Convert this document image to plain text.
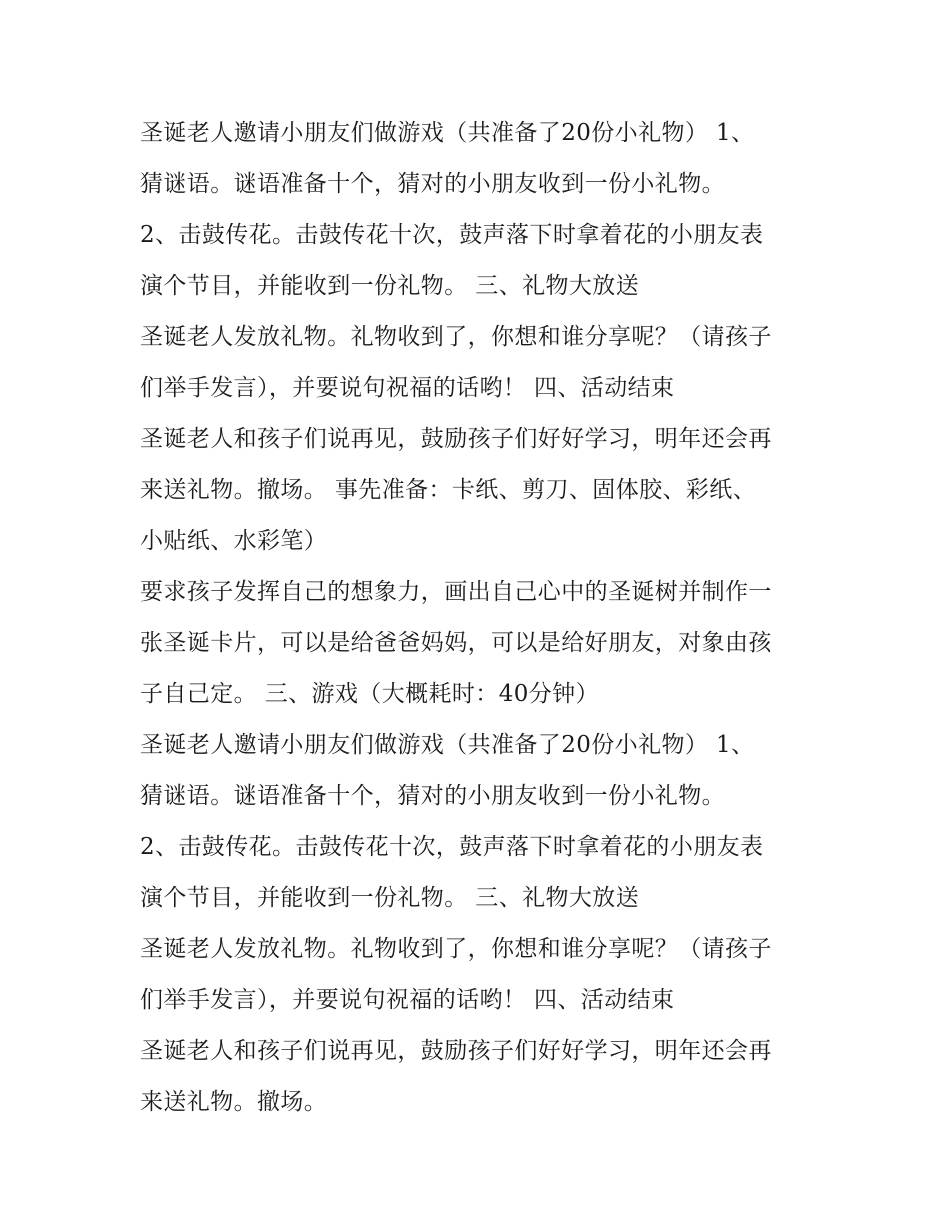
圣诞老人邀请小朋友们做游戏（共准备了20份小礼物） 1、
猜谜语。谜语准备十个，猜对的小朋友收到一份小礼物。
2、击鼓传花。击鼓传花十次，鼓声落下时拿着花的小朋友表
演个节目，并能收到一份礼物。 三、礼物大放送
圣诞老人发放礼物。礼物收到了，你想和谁分享呢？（请孩子
们举手发言），并要说句祝福的话哟！ 四、活动结束
圣诞老人和孩子们说再见，鼓励孩子们好好学习，明年还会再
来送礼物。撤场。 事先准备：卡纸、剪刀、固体胶、彩纸、
小贴纸、水彩笔）
要求孩子发挥自己的想象力，画出自己心中的圣诞树并制作一
张圣诞卡片，可以是给爸爸妈妈，可以是给好朋友，对象由孩
子自己定。 三、游戏（大概耗时：40分钟）
圣诞老人邀请小朋友们做游戏（共准备了20份小礼物） 1、
猜谜语。谜语准备十个，猜对的小朋友收到一份小礼物。
2、击鼓传花。击鼓传花十次，鼓声落下时拿着花的小朋友表
演个节目，并能收到一份礼物。 三、礼物大放送
圣诞老人发放礼物。礼物收到了，你想和谁分享呢？（请孩子
们举手发言），并要说句祝福的话哟！ 四、活动结束
圣诞老人和孩子们说再见，鼓励孩子们好好学习，明年还会再
来送礼物。撤场。
